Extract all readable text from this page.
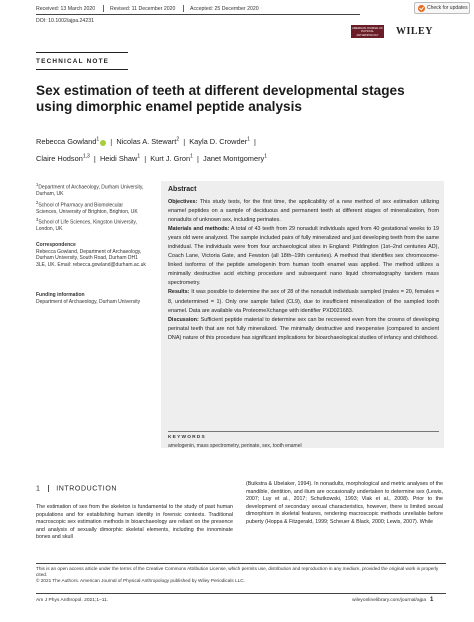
Received: 13 March 2020	Revised: 11 December 2020	Accepted: 25 December 2020	Check for updates
DOI: 10.1002/ajpa.24231
AMERICAN JOURNAL OF PHYSICAL ANTHROPOLOGY	WILEY
TECHNICAL NOTE
Sex estimation of teeth at different developmental stages using dimorphic enamel peptide analysis
Rebecca Gowland$^1$  |  Nicolas A. Stewart$^2$  |  Kayla D. Crowder$^1$  |
Claire Hodson$^{1,3}$  |  Heidi Shaw$^1$  |  Kurt J. Gron$^1$  |  Janet Montgomery$^1$
$^1$Department of Archaeology, Durham University, Durham, UK
$^2$School of Pharmacy and Biomolecular Sciences, University of Brighton, Brighton, UK
$^3$School of Life Sciences, Kingston University, London, UK
Correspondence
Rebecca Gowland, Department of Archaeology, Durham University, South Road, Durham DH1 3LE, UK. Email: rebecca.gowland@durham.ac.uk
Funding information
Department of Archaeology, Durham University
Abstract

Objectives: This study tests, for the first time, the applicability of a new method of sex estimation utilizing enamel peptides on a sample of deciduous and permanent teeth at different stages of mineralization, from nonadults of unknown sex, including perinates.

Materials and methods: A total of 43 teeth from 29 nonadult individuals aged from 40 gestational weeks to 19 years old were analyzed. The sample included pairs of fully mineralized and just developing teeth from the same individual. The individuals were from four archaeological sites in England: Piddington (1st–2nd centuries AD), Coach Lane, Victoria Gate, and Fewston (all 18th–19th centuries). A method that identifies sex chromosome-linked isoforms of the peptide amelogenin from human tooth enamel was applied. The method utilizes a minimally destructive acid etching procedure and subsequent nano liquid chromatography tandem mass spectrometry.

Results: It was possible to determine the sex of 28 of the nonadult individuals sampled (males = 20, females = 8, undetermined = 1). Only one sample failed (CL9), due to insufficient mineralization of the sampled tooth enamel. Data are available via ProteomeXchange with identifier PXD021683.

Discussion: Sufficient peptide material to determine sex can be recovered even from the crowns of developing perinatal teeth that are not fully mineralized. The minimally destructive and inexpensive (compared to ancient DNA) nature of this procedure has significant implications for bioarchaeological studies of infancy and childhood.

KEYWORDS
amelogenin, mass spectrometry, perinate, sex, tooth enamel
1 INTRODUCTION
The estimation of sex from the skeleton is fundamental to the study of past human populations and for establishing human identity in forensic contexts. Traditional macroscopic sex estimation methods in bioarchaeology are reliant on the presence and analysis of sexually dimorphic skeletal elements, including the innominate bones and skull
(Buikstra & Ubelaker, 1994). In nonadults, morphological and metric analyses of the mandible, dentition, and ilium are occasionally undertaken to determine sex (Lewis, 2007; Luy et al., 2017; Schutkowski, 1993; Vlak et al., 2008). Prior to the development of secondary sexual characteristics, however, there is limited sexual dimorphism in skeletal features, rendering macroscopic methods unreliable before puberty (Hoppa & Fitzgerald, 1999; Scheuer & Black, 2000; Lewis, 2007). While
This is an open access article under the terms of the Creative Commons Attribution License, which permits use, distribution and reproduction in any medium, provided the original work is properly cited.
© 2021 The Authors. American Journal of Physical Anthropology published by Wiley Periodicals LLC.
Am J Phys Anthropol. 2021;1–11.	wileyonlinelibrary.com/journal/ajpa 1
